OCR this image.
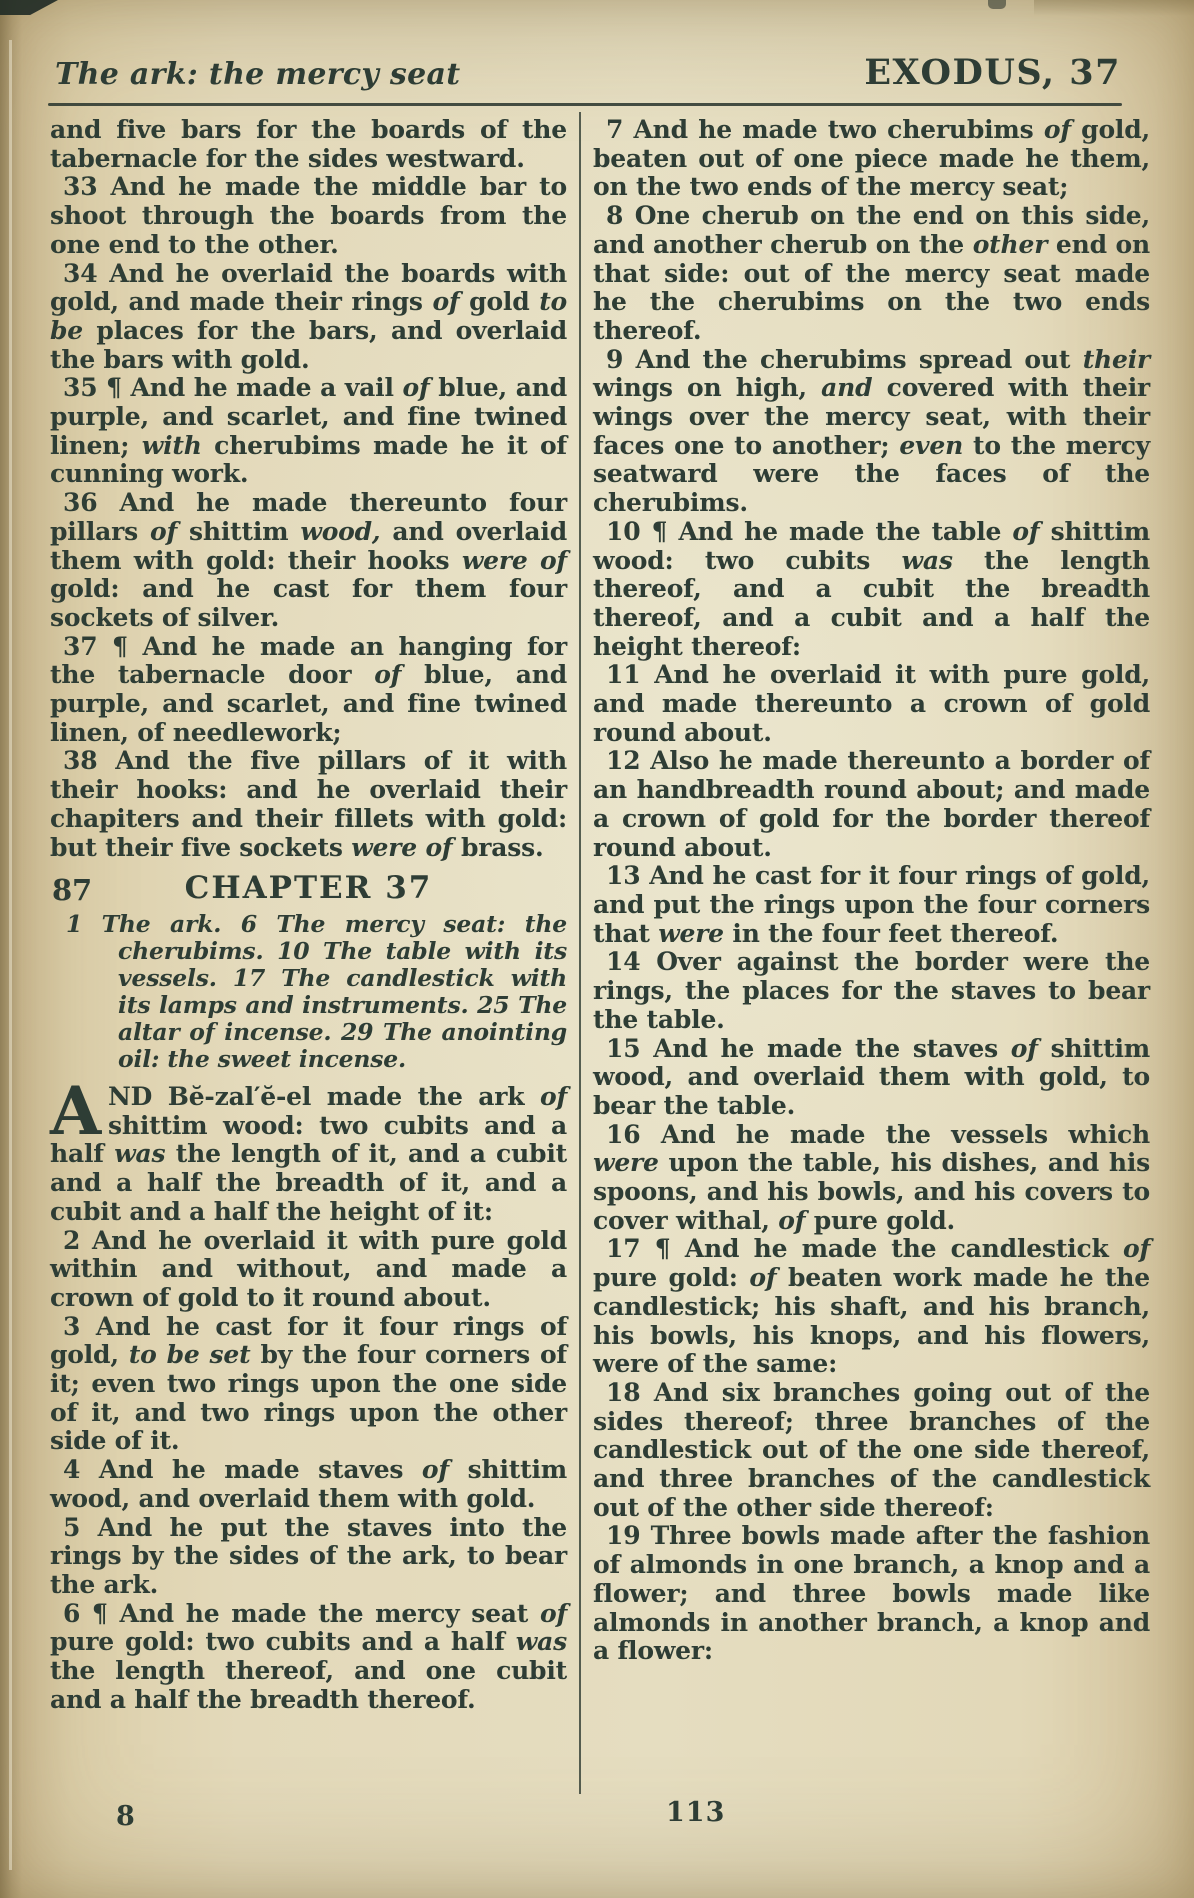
The ark: the mercy seat	EXODUS, 37
and five bars for the boards of the tabernacle for the sides westward.
33 And he made the middle bar to shoot through the boards from the one end to the other.
34 And he overlaid the boards with gold, and made their rings of gold to be places for the bars, and overlaid the bars with gold.
35 ¶ And he made a vail of blue, and purple, and scarlet, and fine twined linen; with cherubims made he it of cunning work.
36 And he made thereunto four pillars of shittim wood, and overlaid them with gold: their hooks were of gold: and he cast for them four sockets of silver.
37 ¶ And he made an hanging for the tabernacle door of blue, and purple, and scarlet, and fine twined linen, of needlework;
38 And the five pillars of it with their hooks: and he overlaid their chapiters and their fillets with gold: but their five sockets were of brass.
87	CHAPTER 37
1 The ark. 6 The mercy seat: the cherubims. 10 The table with its vessels. 17 The candlestick with its lamps and instruments. 25 The altar of incense. 29 The anointing oil: the sweet incense.
AND Bĕ-zal′ĕ-el made the ark of shittim wood: two cubits and a half was the length of it, and a cubit and a half the breadth of it, and a cubit and a half the height of it:
2 And he overlaid it with pure gold within and without, and made a crown of gold to it round about.
3 And he cast for it four rings of gold, to be set by the four corners of it; even two rings upon the one side of it, and two rings upon the other side of it.
4 And he made staves of shittim wood, and overlaid them with gold.
5 And he put the staves into the rings by the sides of the ark, to bear the ark.
6 ¶ And he made the mercy seat of pure gold: two cubits and a half was the length thereof, and one cubit and a half the breadth thereof.
7 And he made two cherubims of gold, beaten out of one piece made he them, on the two ends of the mercy seat;
8 One cherub on the end on this side, and another cherub on the other end on that side: out of the mercy seat made he the cherubims on the two ends thereof.
9 And the cherubims spread out their wings on high, and covered with their wings over the mercy seat, with their faces one to another; even to the mercy seatward were the faces of the cherubims.
10 ¶ And he made the table of shittim wood: two cubits was the length thereof, and a cubit the breadth thereof, and a cubit and a half the height thereof:
11 And he overlaid it with pure gold, and made thereunto a crown of gold round about.
12 Also he made thereunto a border of an handbreadth round about; and made a crown of gold for the border thereof round about.
13 And he cast for it four rings of gold, and put the rings upon the four corners that were in the four feet thereof.
14 Over against the border were the rings, the places for the staves to bear the table.
15 And he made the staves of shittim wood, and overlaid them with gold, to bear the table.
16 And he made the vessels which were upon the table, his dishes, and his spoons, and his bowls, and his covers to cover withal, of pure gold.
17 ¶ And he made the candlestick of pure gold: of beaten work made he the candlestick; his shaft, and his branch, his bowls, his knops, and his flowers, were of the same:
18 And six branches going out of the sides thereof; three branches of the candlestick out of the one side thereof, and three branches of the candlestick out of the other side thereof:
19 Three bowls made after the fashion of almonds in one branch, a knop and a flower; and three bowls made like almonds in another branch, a knop and a flower:
8	113
